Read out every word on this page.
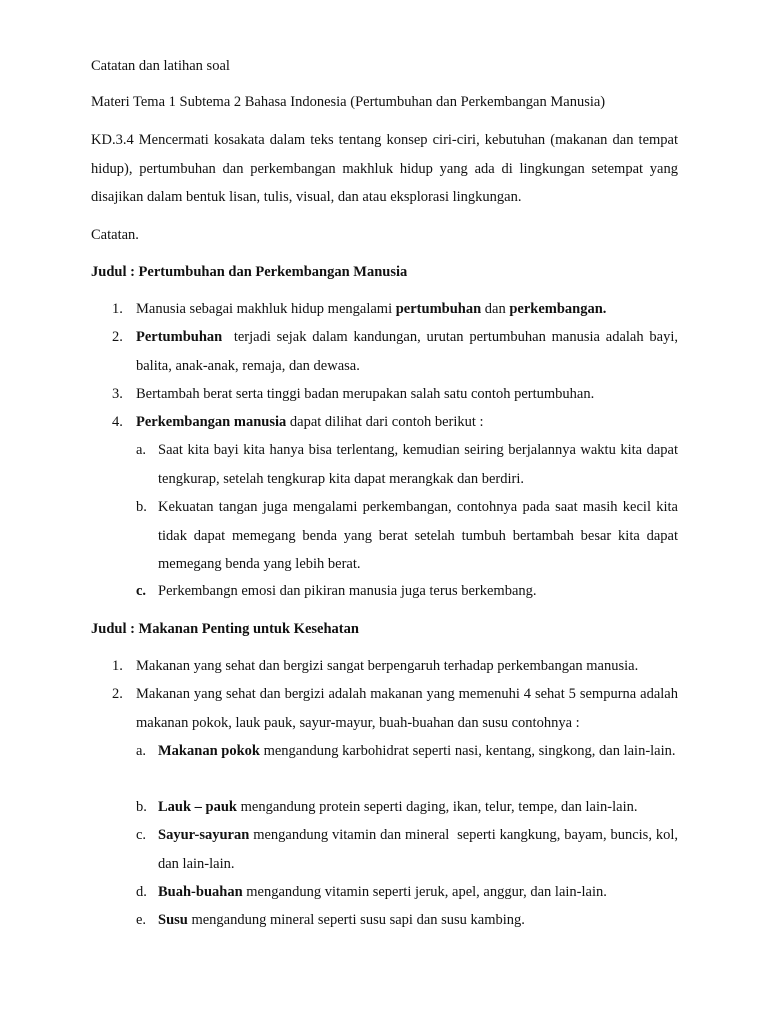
Catatan dan latihan soal

Materi Tema 1 Subtema 2 Bahasa Indonesia (Pertumbuhan dan Perkembangan Manusia)

KD.3.4 Mencermati kosakata dalam teks tentang konsep ciri-ciri, kebutuhan (makanan dan tempat hidup), pertumbuhan dan perkembangan makhluk hidup yang ada di lingkungan setempat yang disajikan dalam bentuk lisan, tulis, visual, dan atau eksplorasi lingkungan.

Catatan.

Judul : Pertumbuhan dan Perkembangan Manusia

1. Manusia sebagai makhluk hidup mengalami pertumbuhan dan perkembangan.
2. Pertumbuhan  terjadi sejak dalam kandungan, urutan pertumbuhan manusia adalah bayi, balita, anak-anak, remaja, dan dewasa.
3. Bertambah berat serta tinggi badan merupakan salah satu contoh pertumbuhan.
4. Perkembangan manusia dapat dilihat dari contoh berikut :
a. Saat kita bayi kita hanya bisa terlentang, kemudian seiring berjalannya waktu kita dapat tengkurap, setelah tengkurap kita dapat merangkak dan berdiri.
b. Kekuatan tangan juga mengalami perkembangan, contohnya pada saat masih kecil kita tidak dapat memegang benda yang berat setelah tumbuh bertambah besar kita dapat memegang benda yang lebih berat.
c. Perkembangn emosi dan pikiran manusia juga terus berkembang.

Judul : Makanan Penting untuk Kesehatan

1. Makanan yang sehat dan bergizi sangat berpengaruh terhadap perkembangan manusia.
2. Makanan yang sehat dan bergizi adalah makanan yang memenuhi 4 sehat 5 sempurna adalah makanan pokok, lauk pauk, sayur-mayur, buah-buahan dan susu contohnya :
a. Makanan pokok mengandung karbohidrat seperti nasi, kentang, singkong, dan lain-lain.
b. Lauk – pauk mengandung protein seperti daging, ikan, telur, tempe, dan lain-lain.
c. Sayur-sayuran mengandung vitamin dan mineral  seperti kangkung, bayam, buncis, kol, dan lain-lain.
d. Buah-buahan mengandung vitamin seperti jeruk, apel, anggur, dan lain-lain.
e. Susu mengandung mineral seperti susu sapi dan susu kambing.
